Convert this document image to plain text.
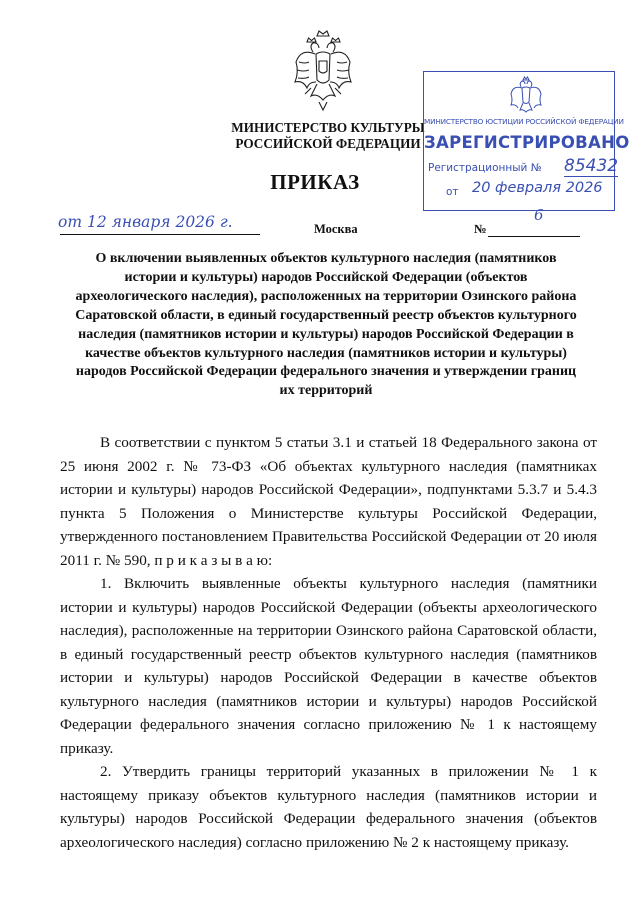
МИНИСТЕРСТВО КУЛЬТУРЫ
РОССИЙСКОЙ ФЕДЕРАЦИИ
ПРИКАЗ
МИНИСТЕРСТВО ЮСТИЦИИ РОССИЙСКОЙ ФЕДЕРАЦИИ
ЗАРЕГИСТРИРОВАНО
Регистрационный № 85432
от 20 февраля 2026
от 12 января 2026 г.	Москва	№
6
О включении выявленных объектов культурного наследия (памятников истории и культуры) народов Российской Федерации (объектов археологического наследия), расположенных на территории Озинского района Саратовской области, в единый государственный реестр объектов культурного наследия (памятников истории и культуры) народов Российской Федерации в качестве объектов культурного наследия (памятников истории и культуры) народов Российской Федерации федерального значения и утверждении границ их территорий

В соответствии с пунктом 5 статьи 3.1 и статьей 18 Федерального закона от 25 июня 2002 г. № 73-ФЗ «Об объектах культурного наследия (памятниках истории и культуры) народов Российской Федерации», подпунктами 5.3.7 и 5.4.3 пункта 5 Положения о Министерстве культуры Российской Федерации, утвержденного постановлением Правительства Российской Федерации от 20 июля 2011 г. № 590, п р и к а з ы в а ю:

1. Включить выявленные объекты культурного наследия (памятники истории и культуры) народов Российской Федерации (объекты археологического наследия), расположенные на территории Озинского района Саратовской области, в единый государственный реестр объектов культурного наследия (памятников истории и культуры) народов Российской Федерации в качестве объектов культурного наследия (памятников истории и культуры) народов Российской Федерации федерального значения согласно приложению № 1 к настоящему приказу.

2. Утвердить границы территорий указанных в приложении № 1 к настоящему приказу объектов культурного наследия (памятников истории и культуры) народов Российской Федерации федерального значения (объектов археологического наследия) согласно приложению № 2 к настоящему приказу.
